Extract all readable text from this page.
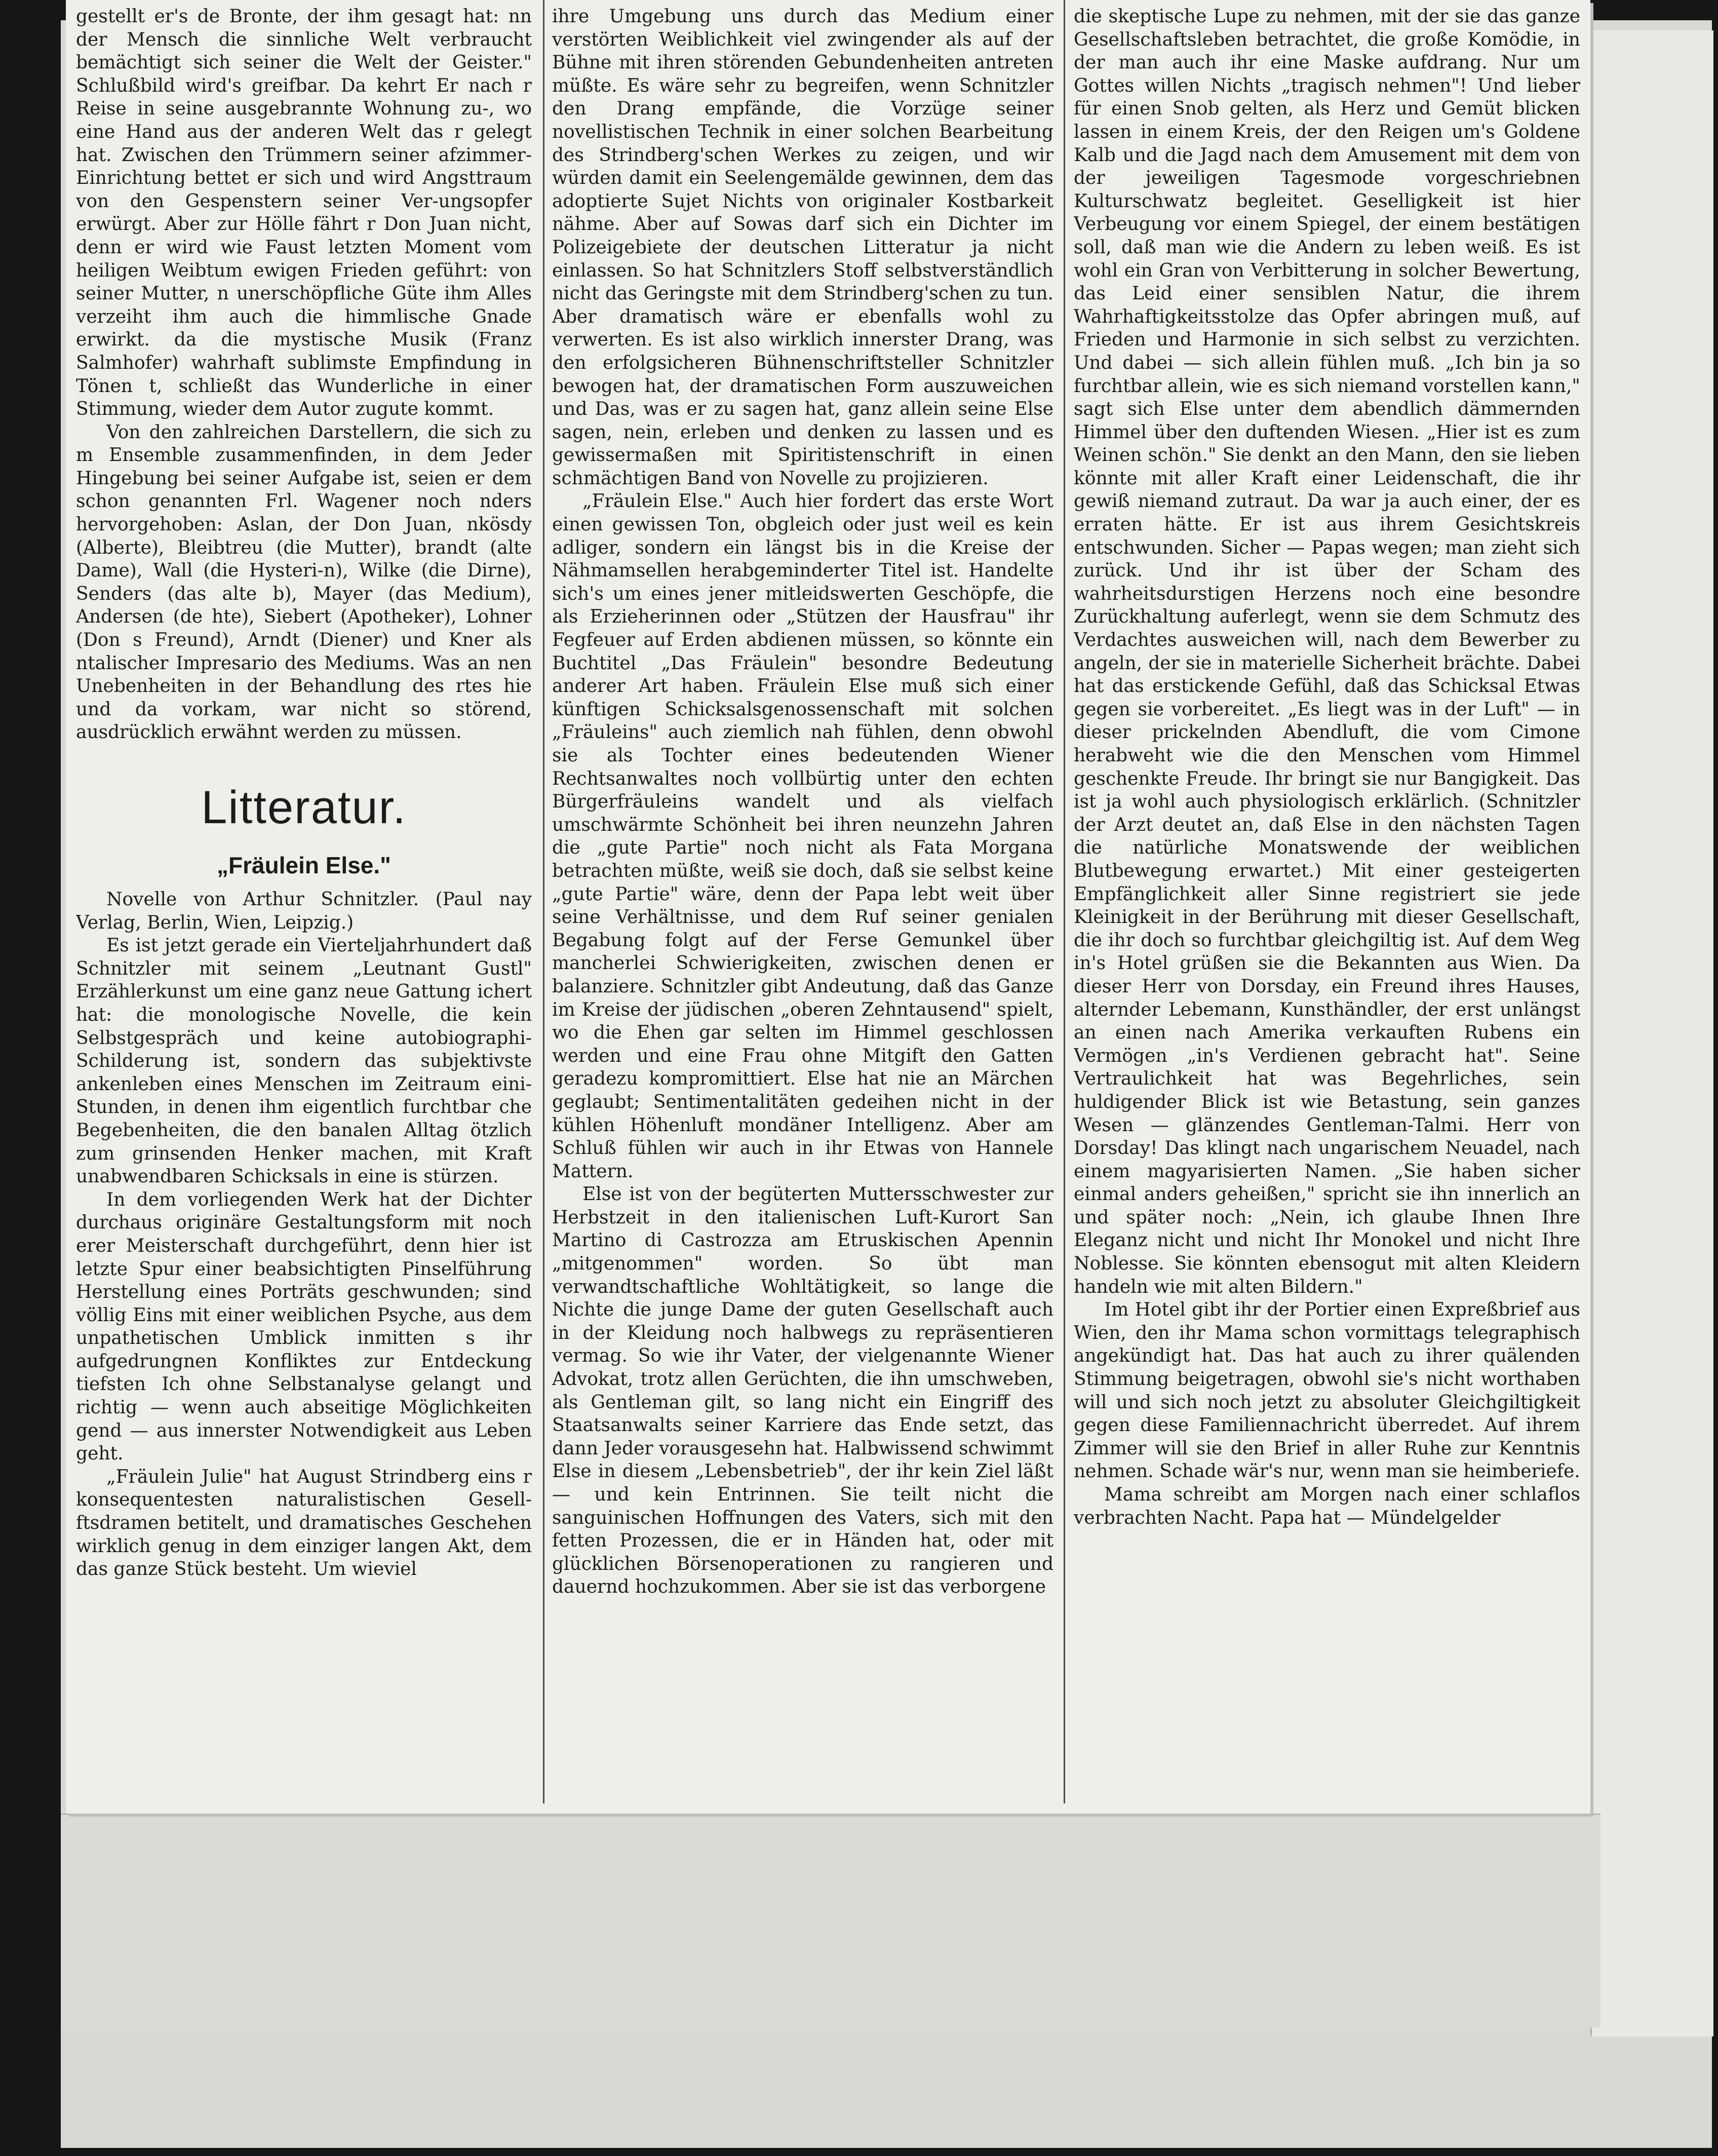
gestellt er's de Bronte, der ihm gesagt hat: nn der Mensch die sinnliche Welt verbraucht bemächtigt sich seiner die Welt der Geister." Schlußbild wird's greifbar. Da kehrt Er nach r Reise in seine ausgebrannte Wohnung zu-, wo eine Hand aus der anderen Welt das r gelegt hat. Zwischen den Trümmern seiner afzimmer-Einrichtung bettet er sich und wird Angsttraum von den Gespenstern seiner Ver-ungsopfer erwürgt. Aber zur Hölle fährt r Don Juan nicht, denn er wird wie Faust letzten Moment vom heiligen Weibtum ewigen Frieden geführt: von seiner Mutter, n unerschöpfliche Güte ihm Alles verzeiht ihm auch die himmlische Gnade erwirkt. da die mystische Musik (Franz Salmhofer) wahrhaft sublimste Empfindung in Tönen t, schließt das Wunderliche in einer Stimmung, wieder dem Autor zugute kommt.

Von den zahlreichen Darstellern, die sich zu m Ensemble zusammenfinden, in dem Jeder Hingebung bei seiner Aufgabe ist, seien er dem schon genannten Frl. Wagener noch nders hervorgehoben: Aslan, der Don Juan, nkösdy (Alberte), Bleibtreu (die Mutter), brandt (alte Dame), Wall (die Hysteri-n), Wilke (die Dirne), Senders (das alte b), Mayer (das Medium), Andersen (de hte), Siebert (Apotheker), Lohner (Don s Freund), Arndt (Diener) und Kner als ntalischer Impresario des Mediums. Was an nen Unebenheiten in der Behandlung des rtes hie und da vorkam, war nicht so störend, ausdrücklich erwähnt werden zu müssen.

Litteratur.
„Fräulein Else."

Novelle von Arthur Schnitzler. (Paul nay Verlag, Berlin, Wien, Leipzig.)

Es ist jetzt gerade ein Vierteljahrhundert daß Schnitzler mit seinem „Leutnant Gustl" Erzählerkunst um eine ganz neue Gattung ichert hat: die monologische Novelle, die kein Selbstgespräch und keine autobiographi-Schilderung ist, sondern das subjektivste ankenleben eines Menschen im Zeitraum eini-Stunden, in denen ihm eigentlich furchtbar che Begebenheiten, die den banalen Alltag ötzlich zum grinsenden Henker machen, mit Kraft unabwendbaren Schicksals in eine is stürzen.

In dem vorliegenden Werk hat der Dichter durchaus originäre Gestaltungsform mit noch erer Meisterschaft durchgeführt, denn hier ist letzte Spur einer beabsichtigten Pinselführung Herstellung eines Porträts geschwunden; sind völlig Eins mit einer weiblichen Psyche, aus dem unpathetischen Umblick inmitten s ihr aufgedrungnen Konfliktes zur Entdeckung tiefsten Ich ohne Selbstanalyse gelangt und richtig — wenn auch abseitige Möglichkeiten gend — aus innerster Notwendigkeit aus Leben geht.

„Fräulein Julie" hat August Strindberg eins r konsequentesten naturalistischen Gesell-ftsdramen betitelt, und dramatisches Geschehen wirklich genug in dem einziger langen Akt, dem das ganze Stück besteht. Um wieviel

ihre Umgebung uns durch das Medium einer verstörten Weiblichkeit viel zwingender als auf der Bühne mit ihren störenden Gebundenheiten antreten müßte. Es wäre sehr zu begreifen, wenn Schnitzler den Drang empfände, die Vorzüge seiner novellistischen Technik in einer solchen Bearbeitung des Strindberg'schen Werkes zu zeigen, und wir würden damit ein Seelengemälde gewinnen, dem das adoptierte Sujet Nichts von originaler Kostbarkeit nähme. Aber auf Sowas darf sich ein Dichter im Polizeigebiete der deutschen Litteratur ja nicht einlassen. So hat Schnitzlers Stoff selbstverständlich nicht das Geringste mit dem Strindberg'schen zu tun. Aber dramatisch wäre er ebenfalls wohl zu verwerten. Es ist also wirklich innerster Drang, was den erfolgsicheren Bühnenschriftsteller Schnitzler bewogen hat, der dramatischen Form auszuweichen und Das, was er zu sagen hat, ganz allein seine Else sagen, nein, erleben und denken zu lassen und es gewissermaßen mit Spiritistenschrift in einen schmächtigen Band von Novelle zu projizieren.

„Fräulein Else." Auch hier fordert das erste Wort einen gewissen Ton, obgleich oder just weil es kein adliger, sondern ein längst bis in die Kreise der Nähmamsellen herabgeminderter Titel ist. Handelte sich's um eines jener mitleidswerten Geschöpfe, die als Erzieherinnen oder „Stützen der Hausfrau" ihr Fegfeuer auf Erden abdienen müssen, so könnte ein Buchtitel „Das Fräulein" besondre Bedeutung anderer Art haben. Fräulein Else muß sich einer künftigen Schicksalsgenossenschaft mit solchen „Fräuleins" auch ziemlich nah fühlen, denn obwohl sie als Tochter eines bedeutenden Wiener Rechtsanwaltes noch vollbürtig unter den echten Bürgerfräuleins wandelt und als vielfach umschwärmte Schönheit bei ihren neunzehn Jahren die „gute Partie" noch nicht als Fata Morgana betrachten müßte, weiß sie doch, daß sie selbst keine „gute Partie" wäre, denn der Papa lebt weit über seine Verhältnisse, und dem Ruf seiner genialen Begabung folgt auf der Ferse Gemunkel über mancherlei Schwierigkeiten, zwischen denen er balanziere. Schnitzler gibt Andeutung, daß das Ganze im Kreise der jüdischen „oberen Zehntausend" spielt, wo die Ehen gar selten im Himmel geschlossen werden und eine Frau ohne Mitgift den Gatten geradezu kompromittiert. Else hat nie an Märchen geglaubt; Sentimentalitäten gedeihen nicht in der kühlen Höhenluft mondäner Intelligenz. Aber am Schluß fühlen wir auch in ihr Etwas von Hannele Mattern.

Else ist von der begüterten Muttersschwester zur Herbstzeit in den italienischen Luft-Kurort San Martino di Castrozza am Etruskischen Apennin „mitgenommen" worden. So übt man verwandtschaftliche Wohltätigkeit, so lange die Nichte die junge Dame der guten Gesellschaft auch in der Kleidung noch halbwegs zu repräsentieren vermag. So wie ihr Vater, der vielgenannte Wiener Advokat, trotz allen Gerüchten, die ihn umschweben, als Gentleman gilt, so lang nicht ein Eingriff des Staatsanwalts seiner Karriere das Ende setzt, das dann Jeder vorausgesehn hat. Halbwissend schwimmt Else in diesem „Lebensbetrieb", der ihr kein Ziel läßt — und kein Entrinnen. Sie teilt nicht die sanguinischen Hoffnungen des Vaters, sich mit den fetten Prozessen, die er in Händen hat, oder mit glücklichen Börsenoperationen zu rangieren und dauernd hochzukommen. Aber sie ist das verborgene

die skeptische Lupe zu nehmen, mit der sie das ganze Gesellschaftsleben betrachtet, die große Komödie, in der man auch ihr eine Maske aufdrang. Nur um Gottes willen Nichts „tragisch nehmen"! Und lieber für einen Snob gelten, als Herz und Gemüt blicken lassen in einem Kreis, der den Reigen um's Goldene Kalb und die Jagd nach dem Amusement mit dem von der jeweiligen Tagesmode vorgeschriebnen Kulturschwatz begleitet. Geselligkeit ist hier Verbeugung vor einem Spiegel, der einem bestätigen soll, daß man wie die Andern zu leben weiß. Es ist wohl ein Gran von Verbitterung in solcher Bewertung, das Leid einer sensiblen Natur, die ihrem Wahrhaftigkeitsstolze das Opfer abringen muß, auf Frieden und Harmonie in sich selbst zu verzichten. Und dabei — sich allein fühlen muß. „Ich bin ja so furchtbar allein, wie es sich niemand vorstellen kann," sagt sich Else unter dem abendlich dämmernden Himmel über den duftenden Wiesen. „Hier ist es zum Weinen schön." Sie denkt an den Mann, den sie lieben könnte mit aller Kraft einer Leidenschaft, die ihr gewiß niemand zutraut. Da war ja auch einer, der es erraten hätte. Er ist aus ihrem Gesichtskreis entschwunden. Sicher — Papas wegen; man zieht sich zurück. Und ihr ist über der Scham des wahrheitsdurstigen Herzens noch eine besondre Zurückhaltung auferlegt, wenn sie dem Schmutz des Verdachtes ausweichen will, nach dem Bewerber zu angeln, der sie in materielle Sicherheit brächte. Dabei hat das erstickende Gefühl, daß das Schicksal Etwas gegen sie vorbereitet. „Es liegt was in der Luft" — in dieser prickelnden Abendluft, die vom Cimone herabweht wie die den Menschen vom Himmel geschenkte Freude. Ihr bringt sie nur Bangigkeit. Das ist ja wohl auch physiologisch erklärlich. (Schnitzler der Arzt deutet an, daß Else in den nächsten Tagen die natürliche Monatswende der weiblichen Blutbewegung erwartet.) Mit einer gesteigerten Empfänglichkeit aller Sinne registriert sie jede Kleinigkeit in der Berührung mit dieser Gesellschaft, die ihr doch so furchtbar gleichgiltig ist. Auf dem Weg in's Hotel grüßen sie die Bekannten aus Wien. Da dieser Herr von Dorsday, ein Freund ihres Hauses, alternder Lebemann, Kunsthändler, der erst unlängst an einen nach Amerika verkauften Rubens ein Vermögen „in's Verdienen gebracht hat". Seine Vertraulichkeit hat was Begehrliches, sein huldigender Blick ist wie Betastung, sein ganzes Wesen — glänzendes Gentleman-Talmi. Herr von Dorsday! Das klingt nach ungarischem Neuadel, nach einem magyarisierten Namen. „Sie haben sicher einmal anders geheißen," spricht sie ihn innerlich an und später noch: „Nein, ich glaube Ihnen Ihre Eleganz nicht und nicht Ihr Monokel und nicht Ihre Noblesse. Sie könnten ebensogut mit alten Kleidern handeln wie mit alten Bildern."

Im Hotel gibt ihr der Portier einen Expreßbrief aus Wien, den ihr Mama schon vormittags telegraphisch angekündigt hat. Das hat auch zu ihrer quälenden Stimmung beigetragen, obwohl sie's nicht worthaben will und sich noch jetzt zu absoluter Gleichgiltigkeit gegen diese Familiennachricht überredet. Auf ihrem Zimmer will sie den Brief in aller Ruhe zur Kenntnis nehmen. Schade wär's nur, wenn man sie heimberiefe.

Mama schreibt am Morgen nach einer schlaflos verbrachten Nacht. Papa hat — Mündelgelder
